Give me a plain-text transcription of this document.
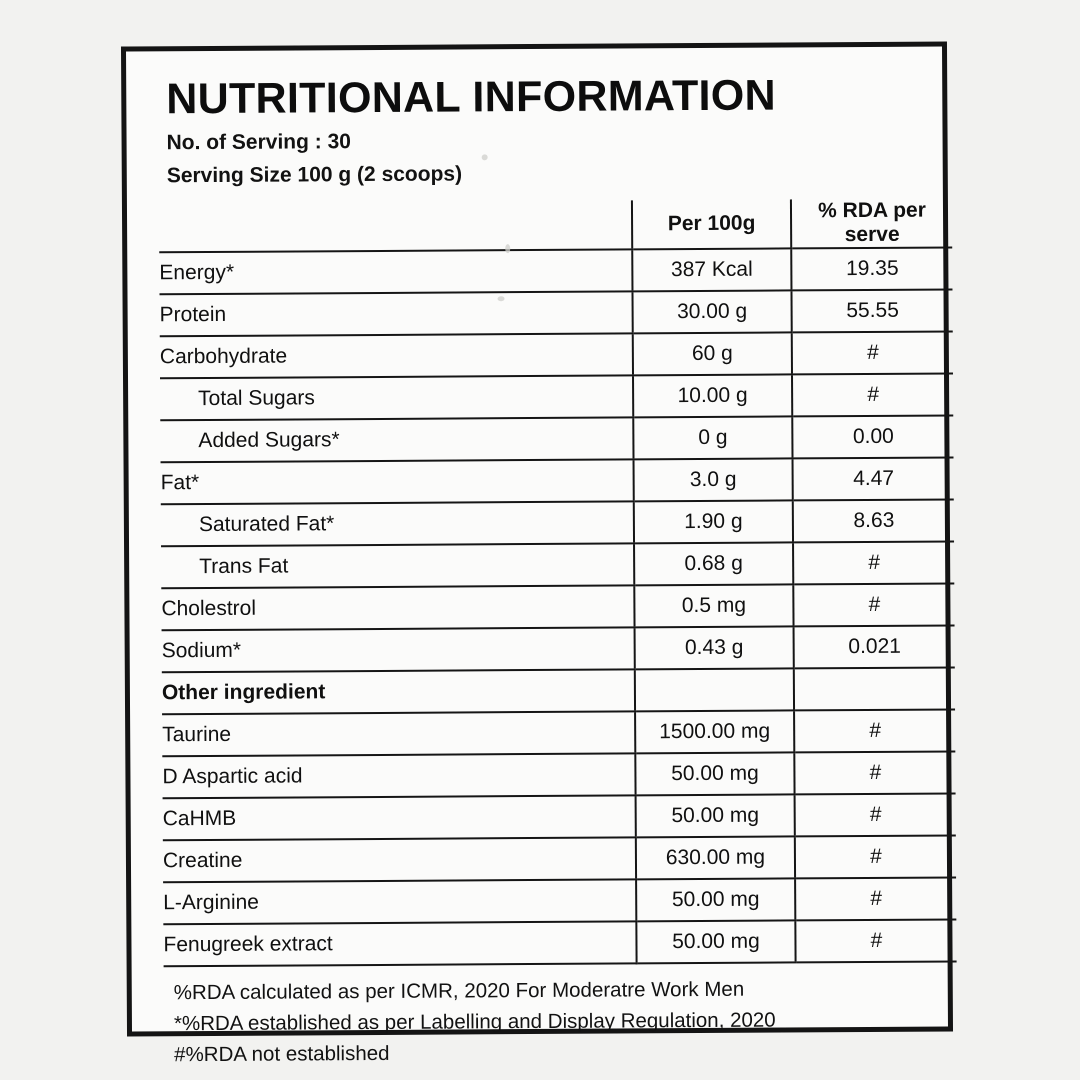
NUTRITIONAL INFORMATION
No. of Serving : 30
Serving Size 100 g (2 scoops)
	Per 100g	% RDA per serve
Energy*	387 Kcal	19.35
Protein	30.00 g	55.55
Carbohydrate	60 g	#
Total Sugars	10.00 g	#
Added Sugars*	0 g	0.00
Fat*	3.0 g	4.47
Saturated Fat*	1.90 g	8.63
Trans Fat	0.68 g	#
Cholestrol	0.5 mg	#
Sodium*	0.43 g	0.021
Other ingredient		
Taurine	1500.00 mg	#
D Aspartic acid	50.00 mg	#
CaHMB	50.00 mg	#
Creatine	630.00 mg	#
L-Arginine	50.00 mg	#
Fenugreek extract	50.00 mg	#
%RDA calculated as per ICMR, 2020 For Moderatre Work Men
*%RDA established as per Labelling and Display Regulation, 2020
#%RDA not established
